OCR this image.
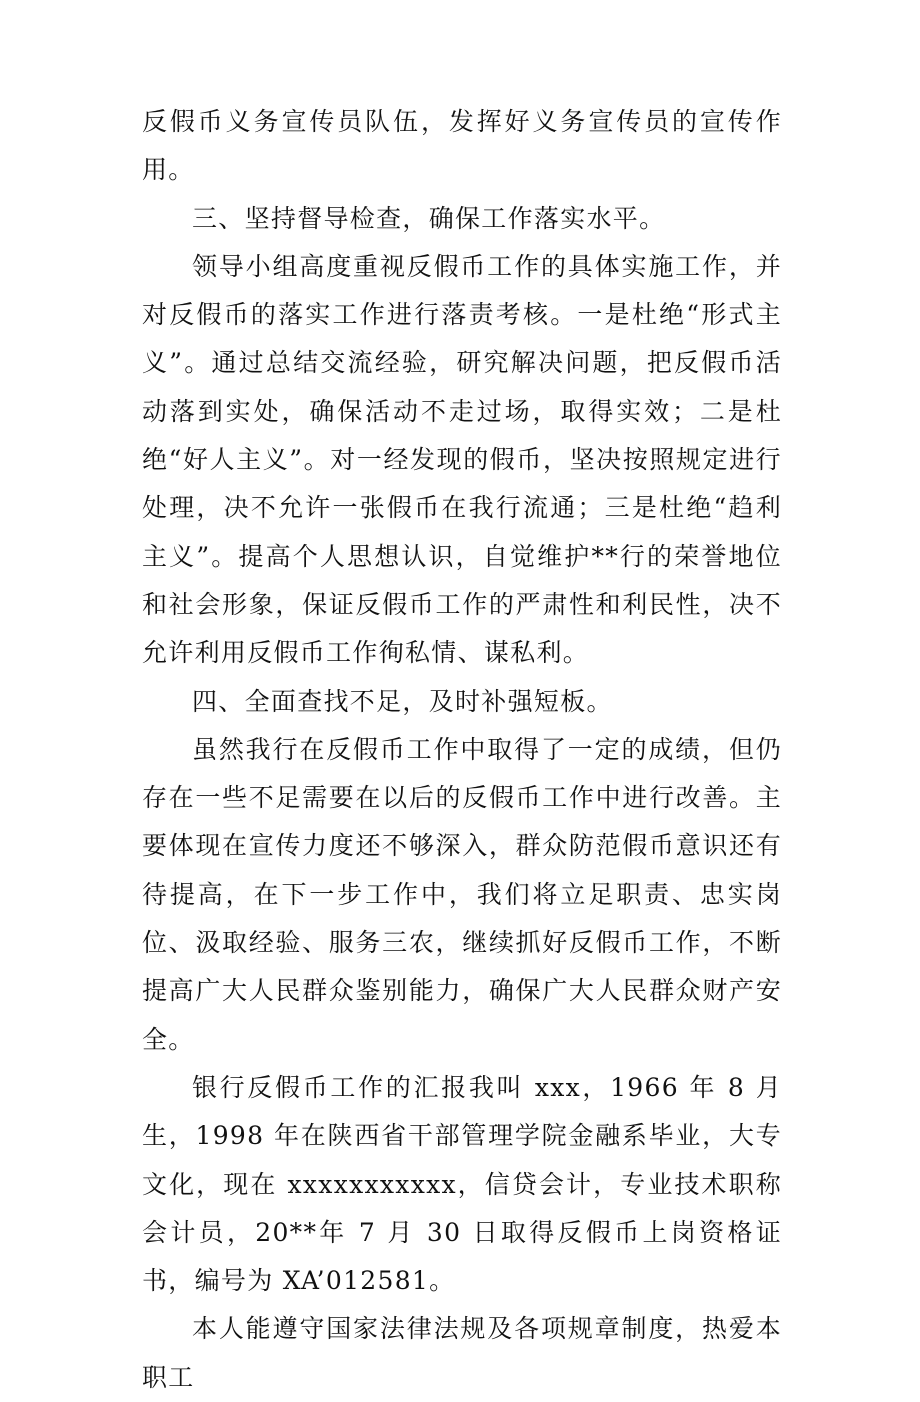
反假币义务宣传员队伍，发挥好义务宣传员的宣传作用。

三、坚持督导检查，确保工作落实水平。

领导小组高度重视反假币工作的具体实施工作，并对反假币的落实工作进行落责考核。一是杜绝“形式主义”。通过总结交流经验，研究解决问题，把反假币活动落到实处，确保活动不走过场，取得实效；二是杜绝“好人主义”。对一经发现的假币，坚决按照规定进行处理，决不允许一张假币在我行流通；三是杜绝“趋利主义”。提高个人思想认识，自觉维护**行的荣誉地位和社会形象，保证反假币工作的严肃性和利民性，决不允许利用反假币工作徇私情、谋私利。

四、全面查找不足，及时补强短板。

虽然我行在反假币工作中取得了一定的成绩，但仍存在一些不足需要在以后的反假币工作中进行改善。主要体现在宣传力度还不够深入，群众防范假币意识还有待提高，在下一步工作中，我们将立足职责、忠实岗位、汲取经验、服务三农，继续抓好反假币工作，不断提高广大人民群众鉴别能力，确保广大人民群众财产安全。

银行反假币工作的汇报我叫 xxx，1966 年 8 月生，1998 年在陕西省干部管理学院金融系毕业，大专文化，现在 xxxxxxxxxxx，信贷会计，专业技术职称会计员，20**年 7 月 30 日取得反假币上岗资格证书，编号为 XA’012581。

本人能遵守国家法律法规及各项规章制度，热爱本职工
